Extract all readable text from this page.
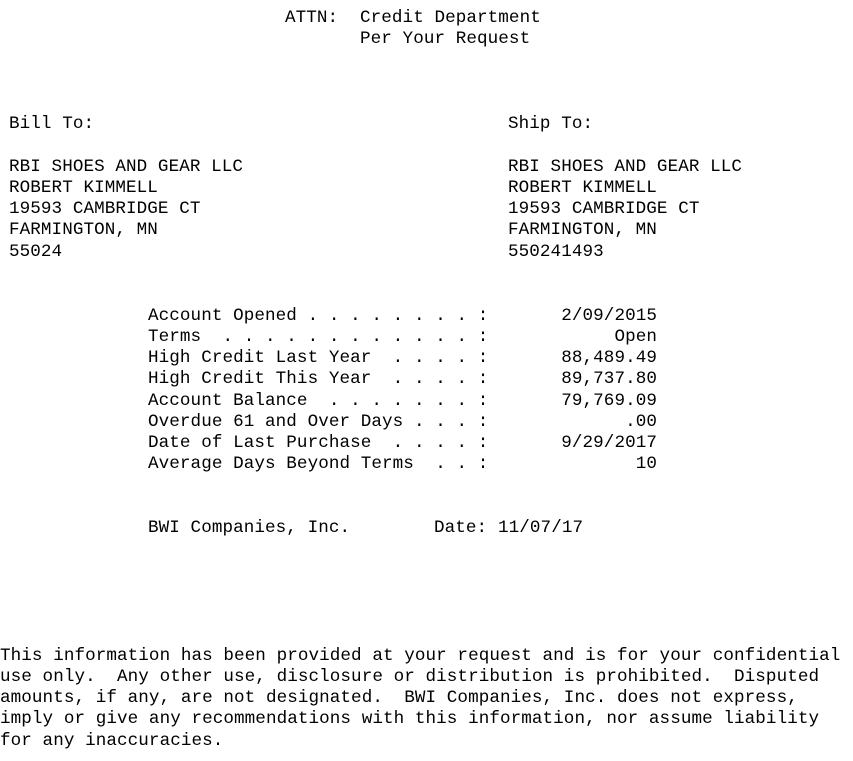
ATTN: Credit Department
Per Your Request
Bill To:
RBI SHOES AND GEAR LLC
ROBERT KIMMELL
19593 CAMBRIDGE CT
FARMINGTON, MN
55024
Ship To:
RBI SHOES AND GEAR LLC
ROBERT KIMMELL
19593 CAMBRIDGE CT
FARMINGTON, MN
550241493
Account Opened . . . . . . . . :	2/09/2015
Terms  . . . . . . . . . . . . :	Open
High Credit Last Year  . . . . :	88,489.49
High Credit This Year  . . . . :	89,737.80
Account Balance  . . . . . . . :	79,769.09
Overdue 61 and Over Days . . . :	.00
Date of Last Purchase  . . . . :	9/29/2017
Average Days Beyond Terms  . . :	10
BWI Companies, Inc.	Date: 11/07/17
This information has been provided at your request and is for your confidential
use only.  Any other use, disclosure or distribution is prohibited.  Disputed
amounts, if any, are not designated.  BWI Companies, Inc. does not express,
imply or give any recommendations with this information, nor assume liability
for any inaccuracies.
